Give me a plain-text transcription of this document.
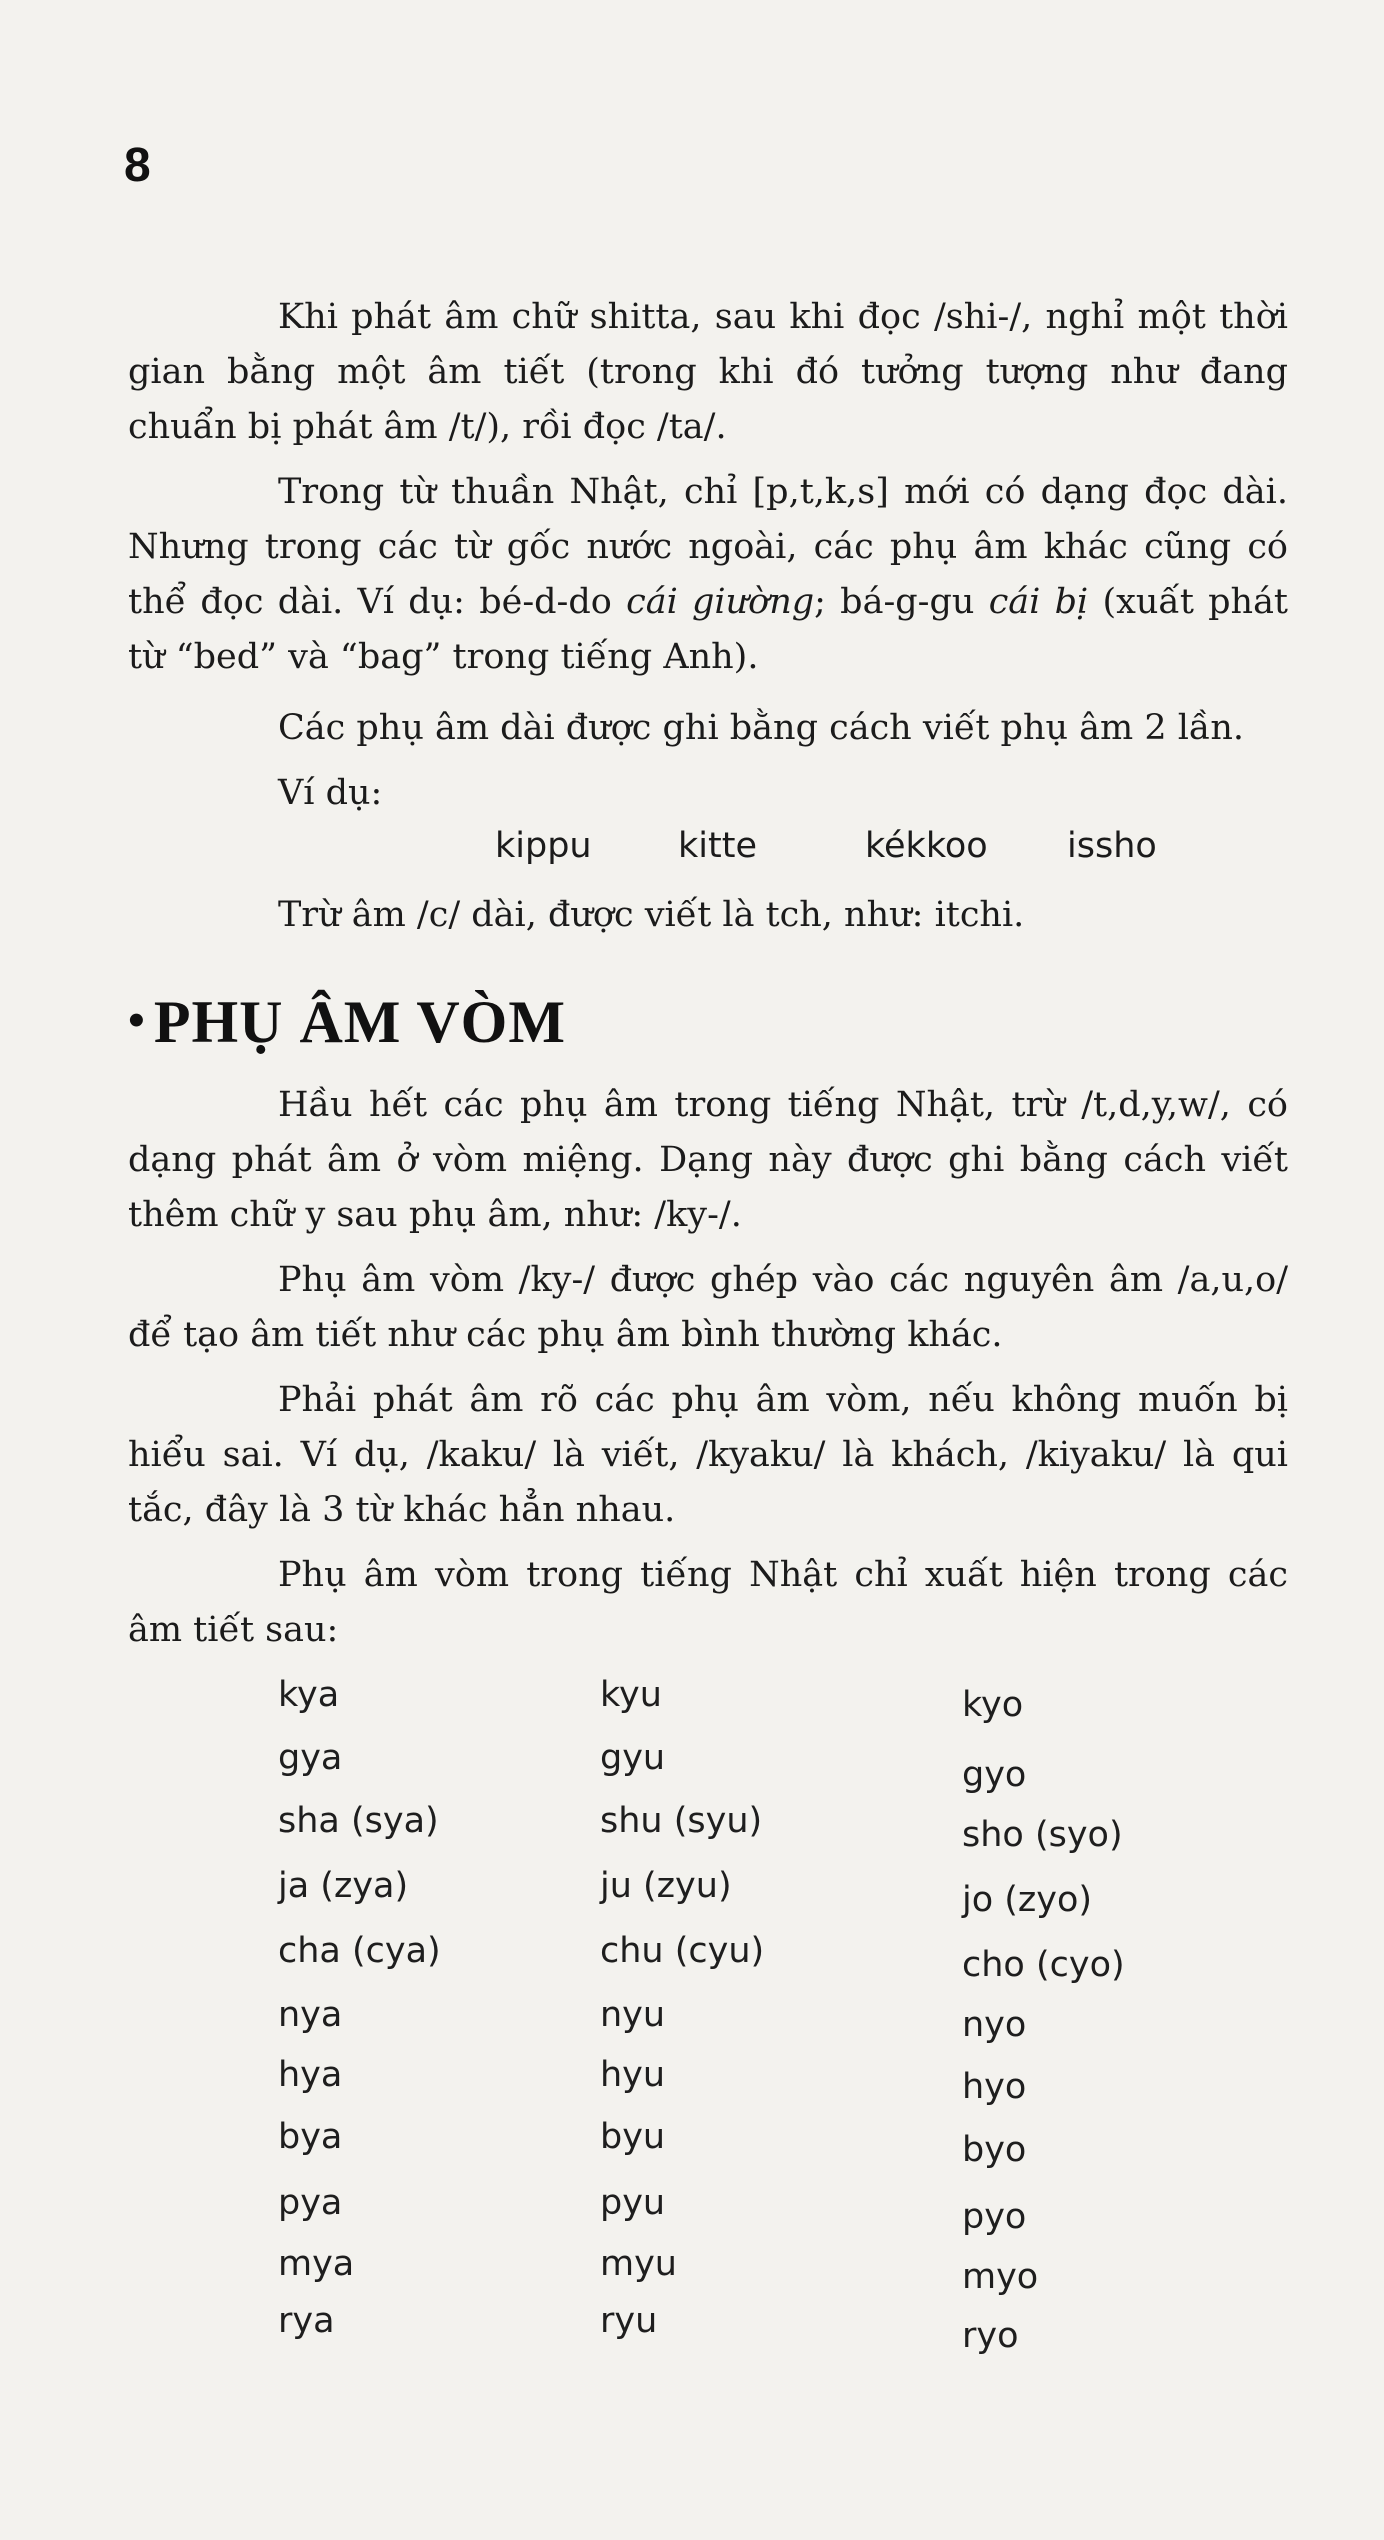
8

Khi phát âm chữ shitta, sau khi đọc /shi-/, nghỉ một thời gian bằng một âm tiết (trong khi đó tưởng tượng như đang chuẩn bị phát âm /t/), rồi đọc /ta/.

Trong từ thuần Nhật, chỉ [p,t,k,s] mới có dạng đọc dài. Nhưng trong các từ gốc nước ngoài, các phụ âm khác cũng có thể đọc dài. Ví dụ: bé-d-do cái giường; bá-g-gu cái bị (xuất phát từ “bed” và “bag” trong tiếng Anh).

Các phụ âm dài được ghi bằng cách viết phụ âm 2 lần.

Ví dụ:

kippu kitte	kékkoo issho

Trừ âm /c/ dài, được viết là tch, như: itchi.

• PHỤ ÂM VÒM

Hầu hết các phụ âm trong tiếng Nhật, trừ /t,d,y,w/, có dạng phát âm ở vòm miệng. Dạng này được ghi bằng cách viết thêm chữ y sau phụ âm, như: /ky-/.

Phụ âm vòm /ky-/ được ghép vào các nguyên âm /a,u,o/ để tạo âm tiết như các phụ âm bình thường khác.

Phải phát âm rõ các phụ âm vòm, nếu không muốn bị hiểu sai. Ví dụ, /kaku/ là viết, /kyaku/ là khách, /kiyaku/ là qui tắc, đây là 3 từ khác hẳn nhau.

Phụ âm vòm trong tiếng Nhật chỉ xuất hiện trong các âm tiết sau:

kya	kyu	kyo
gya	gyu	gyo
sha (sya)	shu (syu)	sho (syo)
ja (zya)	ju (zyu)	jo (zyo)
cha (cya)	chu (cyu)	cho (cyo)
nya	nyu	nyo
hya	hyu	hyo
bya	byu	byo
pya	pyu	pyo
mya	myu	myo
rya	ryu	ryo
